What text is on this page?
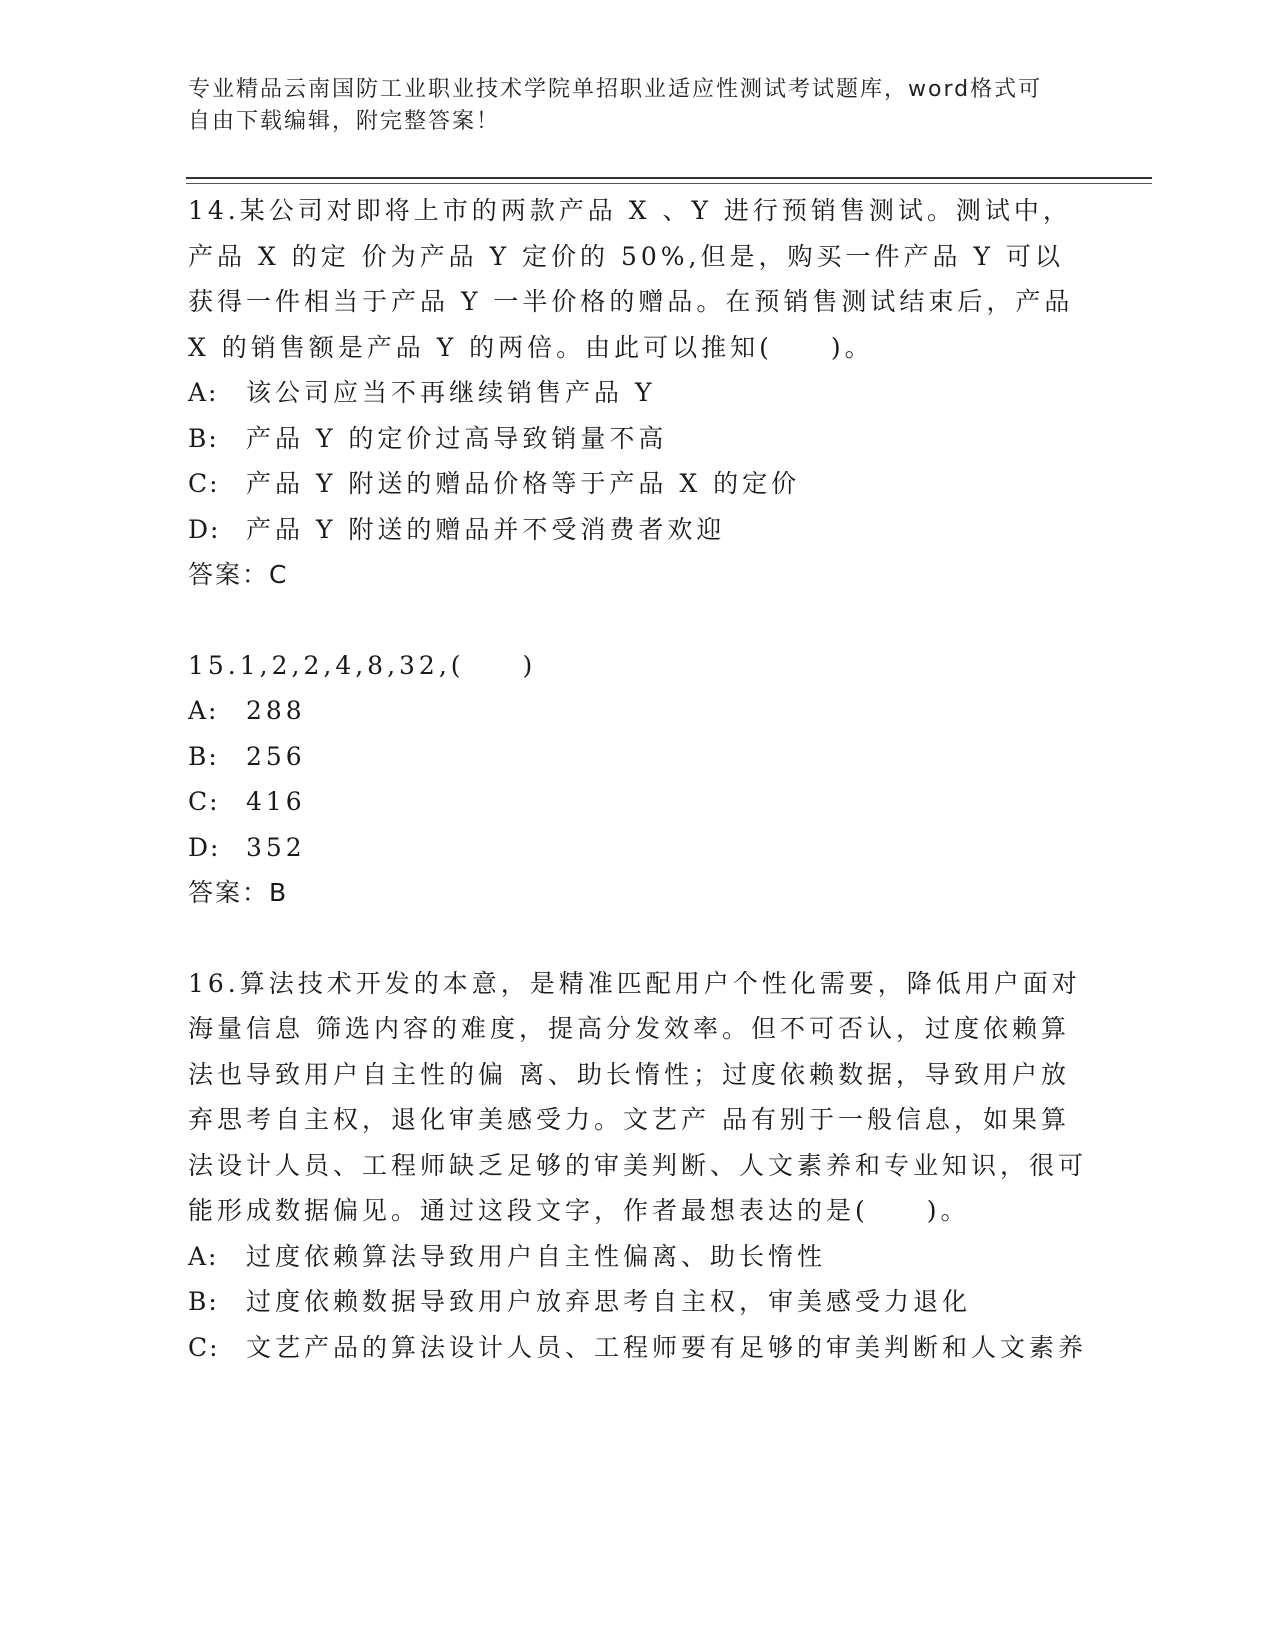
专业精品云南国防工业职业技术学院单招职业适应性测试考试题库，word格式可

自由下载编辑，附完整答案！

14.某公司对即将上市的两款产品 X 、Y 进行预销售测试。测试中，产品 X 的定 价为产品 Y 定价的 50%,但是，购买一件产品 Y 可以获得一件相当于产品 Y 一半价格的赠品。在预销售测试结束后，产品 X 的销售额是产品 Y 的两倍。由此可以推知(　　)。

A: 该公司应当不再继续销售产品 Y

B: 产品 Y 的定价过高导致销量不高

C: 产品 Y 附送的赠品价格等于产品 X 的定价

D: 产品 Y 附送的赠品并不受消费者欢迎

答案：C

15.1,2,2,4,8,32,(　　)

A: 288

B: 256

C: 416

D: 352

答案：B

16.算法技术开发的本意，是精准匹配用户个性化需要，降低用户面对海量信息 筛选内容的难度，提高分发效率。但不可否认，过度依赖算法也导致用户自主性的偏 离、助长惰性；过度依赖数据，导致用户放弃思考自主权，退化审美感受力。文艺产 品有别于一般信息，如果算法设计人员、工程师缺乏足够的审美判断、人文素养和专业知识，很可能形成数据偏见。通过这段文字，作者最想表达的是(　　)。

A: 过度依赖算法导致用户自主性偏离、助长惰性

B: 过度依赖数据导致用户放弃思考自主权，审美感受力退化

C: 文艺产品的算法设计人员、工程师要有足够的审美判断和人文素养
